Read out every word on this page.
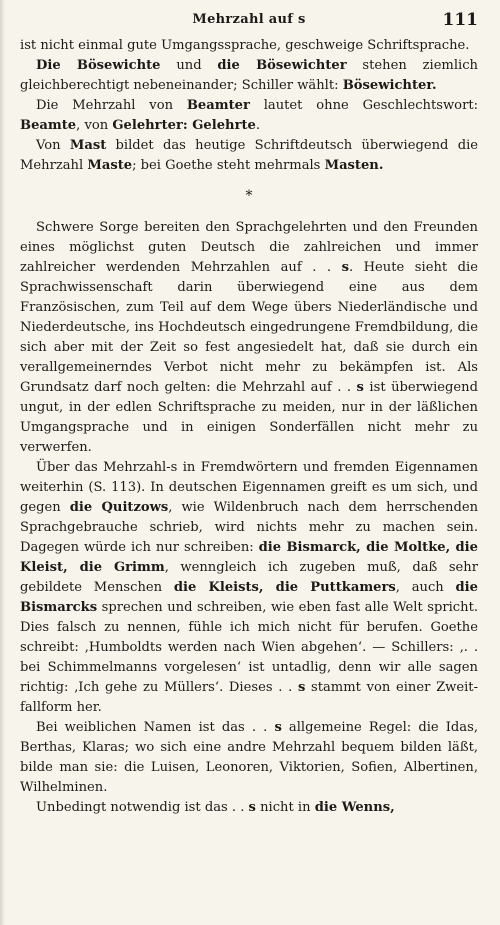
Mehrzahl auf s	111

ist nicht einmal gute Umgangssprache, geschweige Schriftsprache.

Die Bösewichte und die Bösewichter stehen ziemlich gleichberechtigt nebeneinander; Schiller wählt: Bösewichter.

Die Mehrzahl von Beamter lautet ohne Geschlechtswort: Beamte, von Gelehrter: Gelehrte.

Von Mast bildet das heutige Schriftdeutsch überwiegend die Mehrzahl Maste; bei Goethe steht mehrmals Masten.

*

Schwere Sorge bereiten den Sprachgelehrten und den Freunden eines möglichst guten Deutsch die zahlreichen und immer zahlreicher werdenden Mehrzahlen auf . . s. Heute sieht die Sprachwissenschaft darin überwiegend eine aus dem Französischen, zum Teil auf dem Wege übers Niederländische und Niederdeutsche, ins Hochdeutsch eingedrungene Fremdbildung, die sich aber mit der Zeit so fest angesiedelt hat, daß sie durch ein verallgemeinerndes Verbot nicht mehr zu bekämpfen ist. Als Grundsatz darf noch gelten: die Mehrzahl auf . . s ist überwiegend ungut, in der edlen Schriftsprache zu meiden, nur in der läßlichen Umgangsprache und in einigen Sonderfällen nicht mehr zu verwerfen.

Über das Mehrzahl-s in Fremdwörtern und fremden Eigennamen weiterhin (S. 113). In deutschen Eigennamen greift es um sich, und gegen die Quitzows, wie Wildenbruch nach dem herrschenden Sprachgebrauche schrieb, wird nichts mehr zu machen sein. Dagegen würde ich nur schreiben: die Bismarck, die Moltke, die Kleist, die Grimm, wenngleich ich zugeben muß, daß sehr gebildete Menschen die Kleists, die Puttkamers, auch die Bismarcks sprechen und schreiben, wie eben fast alle Welt spricht. Dies falsch zu nennen, fühle ich mich nicht für berufen. Goethe schreibt: ‚Humboldts werden nach Wien abgehen‘. — Schillers: ‚. . bei Schimmelmanns vorgelesen‘ ist untadlig, denn wir alle sagen richtig: ‚Ich gehe zu Müllers‘. Dieses . . s stammt von einer Zweitfallform her.

Bei weiblichen Namen ist das . . s allgemeine Regel: die Idas, Berthas, Klaras; wo sich eine andre Mehrzahl bequem bilden läßt, bilde man sie: die Luisen, Leonoren, Viktorien, Sofien, Albertinen, Wilhelminen.

Unbedingt notwendig ist das . . s nicht in die Wenns,
